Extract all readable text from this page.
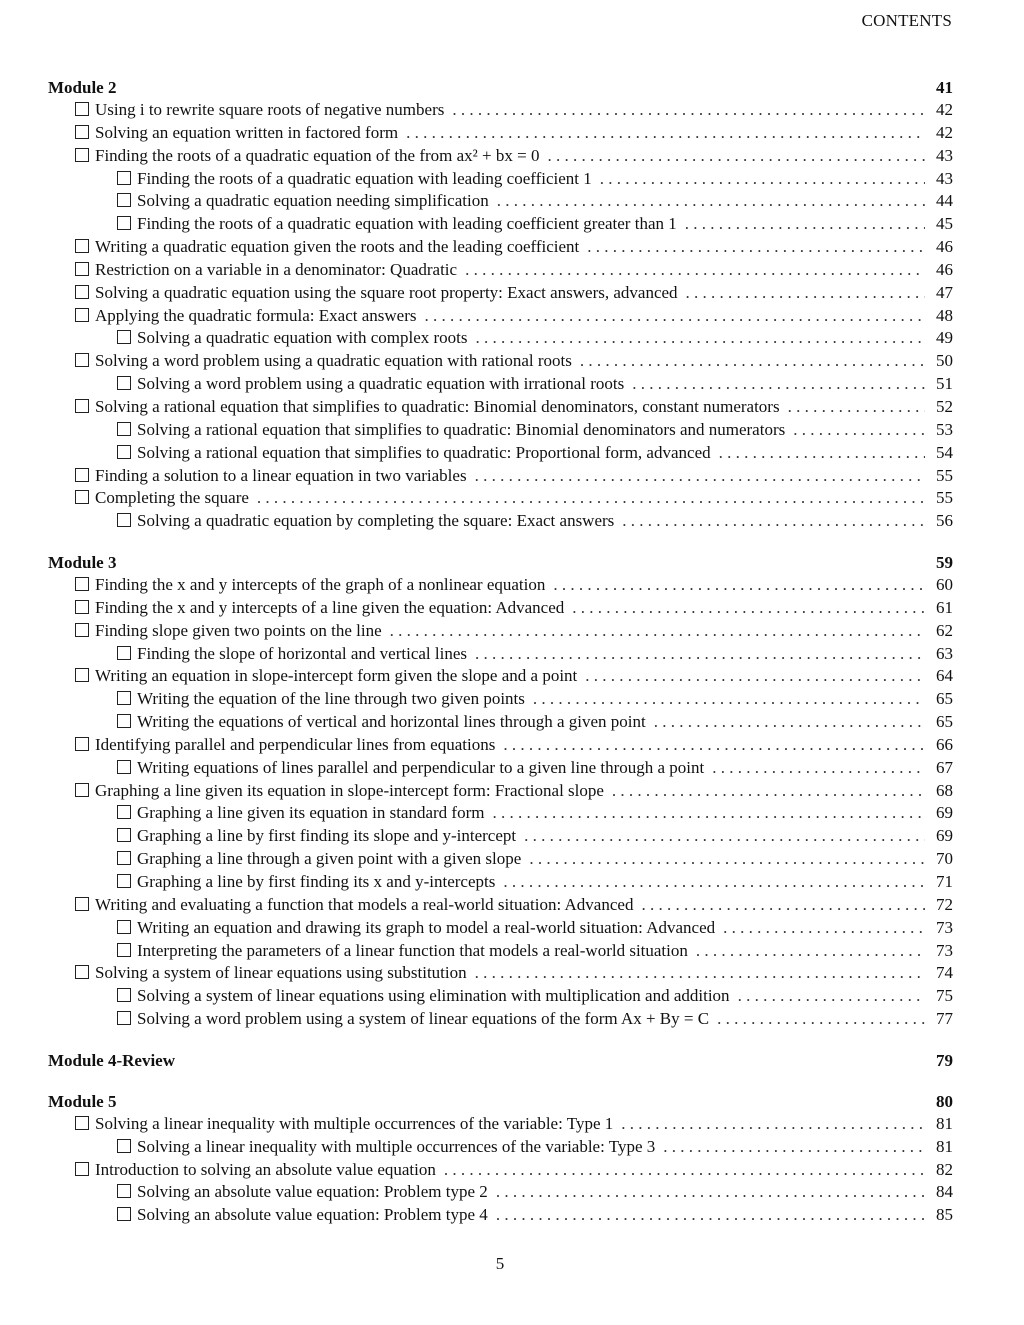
CONTENTS
Module 2	41
Using i to rewrite square roots of negative numbers . . .	42
Solving an equation written in factored form . . .	42
Finding the roots of a quadratic equation of the from ax² + bx = 0 . . .	43
Finding the roots of a quadratic equation with leading coefficient 1 . . .	43
Solving a quadratic equation needing simplification . . .	44
Finding the roots of a quadratic equation with leading coefficient greater than 1 . . .	45
Writing a quadratic equation given the roots and the leading coefficient . . .	46
Restriction on a variable in a denominator: Quadratic . . .	46
Solving a quadratic equation using the square root property: Exact answers, advanced . . .	47
Applying the quadratic formula: Exact answers . . .	48
Solving a quadratic equation with complex roots . . .	49
Solving a word problem using a quadratic equation with rational roots . . .	50
Solving a word problem using a quadratic equation with irrational roots . . .	51
Solving a rational equation that simplifies to quadratic: Binomial denominators, constant numerators . . .	52
Solving a rational equation that simplifies to quadratic: Binomial denominators and numerators . . .	53
Solving a rational equation that simplifies to quadratic: Proportional form, advanced . . .	54
Finding a solution to a linear equation in two variables . . .	55
Completing the square . . .	55
Solving a quadratic equation by completing the square: Exact answers . . .	56
Module 3	59
Finding the x and y intercepts of the graph of a nonlinear equation . . .	60
Finding the x and y intercepts of a line given the equation: Advanced . . .	61
Finding slope given two points on the line . . .	62
Finding the slope of horizontal and vertical lines . . .	63
Writing an equation in slope-intercept form given the slope and a point . . .	64
Writing the equation of the line through two given points . . .	65
Writing the equations of vertical and horizontal lines through a given point . . .	65
Identifying parallel and perpendicular lines from equations . . .	66
Writing equations of lines parallel and perpendicular to a given line through a point . . .	67
Graphing a line given its equation in slope-intercept form: Fractional slope . . .	68
Graphing a line given its equation in standard form . . .	69
Graphing a line by first finding its slope and y-intercept . . .	69
Graphing a line through a given point with a given slope . . .	70
Graphing a line by first finding its x and y-intercepts . . .	71
Writing and evaluating a function that models a real-world situation: Advanced . . .	72
Writing an equation and drawing its graph to model a real-world situation: Advanced . . .	73
Interpreting the parameters of a linear function that models a real-world situation . . .	73
Solving a system of linear equations using substitution . . .	74
Solving a system of linear equations using elimination with multiplication and addition . . .	75
Solving a word problem using a system of linear equations of the form Ax + By = C . . .	77
Module 4-Review	79
Module 5	80
Solving a linear inequality with multiple occurrences of the variable: Type 1 . . .	81
Solving a linear inequality with multiple occurrences of the variable: Type 3 . . .	81
Introduction to solving an absolute value equation . . .	82
Solving an absolute value equation: Problem type 2 . . .	84
Solving an absolute value equation: Problem type 4 . . .	85
5
